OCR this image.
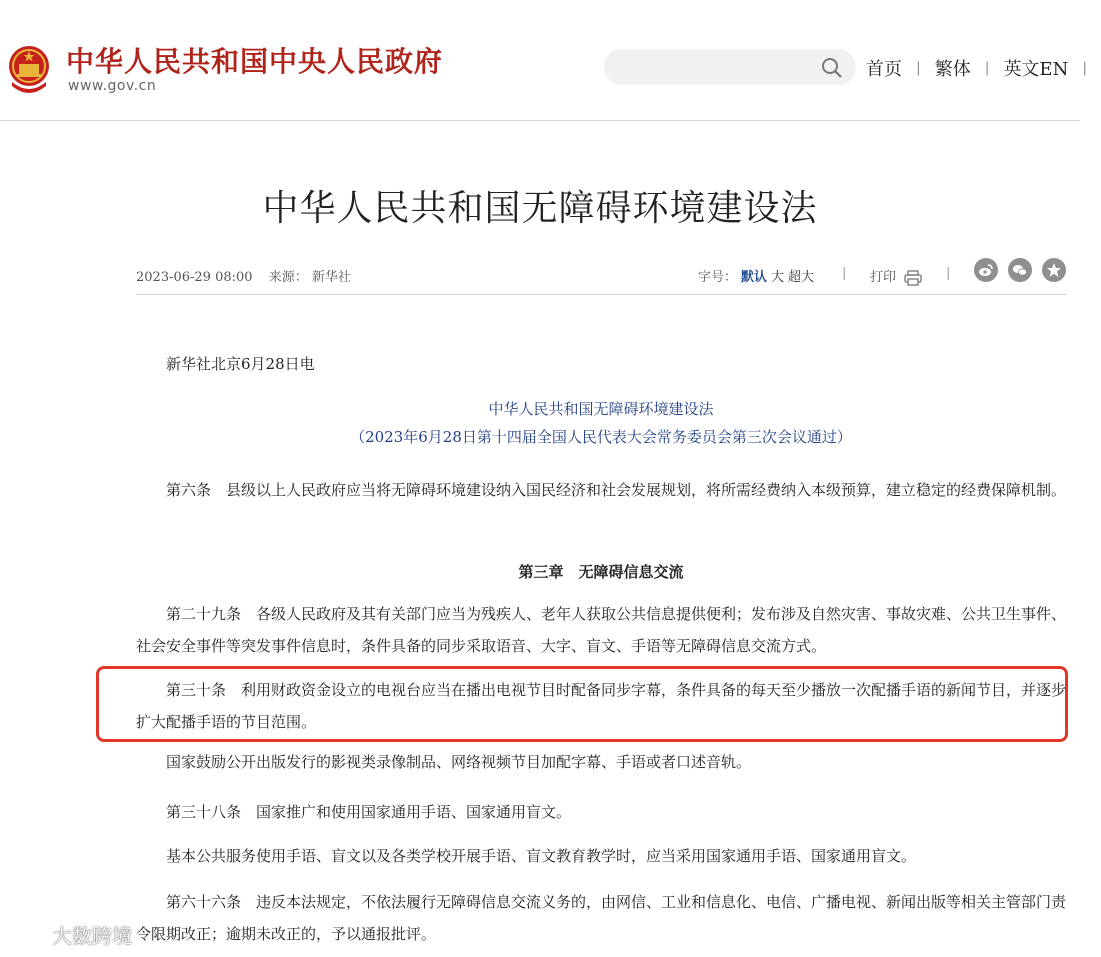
中华人民共和国中央人民政府
www.gov.cn
首页 | 繁体 | 英文EN |
中华人民共和国无障碍环境建设法
2023-06-29 08:00 来源： 新华社	字号： 默认 大 超大 | 打印	|
新华社北京6月28日电
中华人民共和国无障碍环境建设法
（2023年6月28日第十四届全国人民代表大会常务委员会第三次会议通过）
第六条　县级以上人民政府应当将无障碍环境建设纳入国民经济和社会发展规划，将所需经费纳入本级预算，建立稳定的经费保障机制。
第三章　无障碍信息交流
第二十九条　各级人民政府及其有关部门应当为残疾人、老年人获取公共信息提供便利；发布涉及自然灾害、事故灾难、公共卫生事件、社会安全事件等突发事件信息时，条件具备的同步采取语音、大字、盲文、手语等无障碍信息交流方式。
第三十条　利用财政资金设立的电视台应当在播出电视节目时配备同步字幕，条件具备的每天至少播放一次配播手语的新闻节目，并逐步扩大配播手语的节目范围。
国家鼓励公开出版发行的影视类录像制品、网络视频节目加配字幕、手语或者口述音轨。
第三十八条　国家推广和使用国家通用手语、国家通用盲文。
基本公共服务使用手语、盲文以及各类学校开展手语、盲文教育教学时，应当采用国家通用手语、国家通用盲文。
第六十六条　违反本法规定，不依法履行无障碍信息交流义务的，由网信、工业和信息化、电信、广播电视、新闻出版等相关主管部门责令限期改正；逾期未改正的，予以通报批评。
大数跨境
